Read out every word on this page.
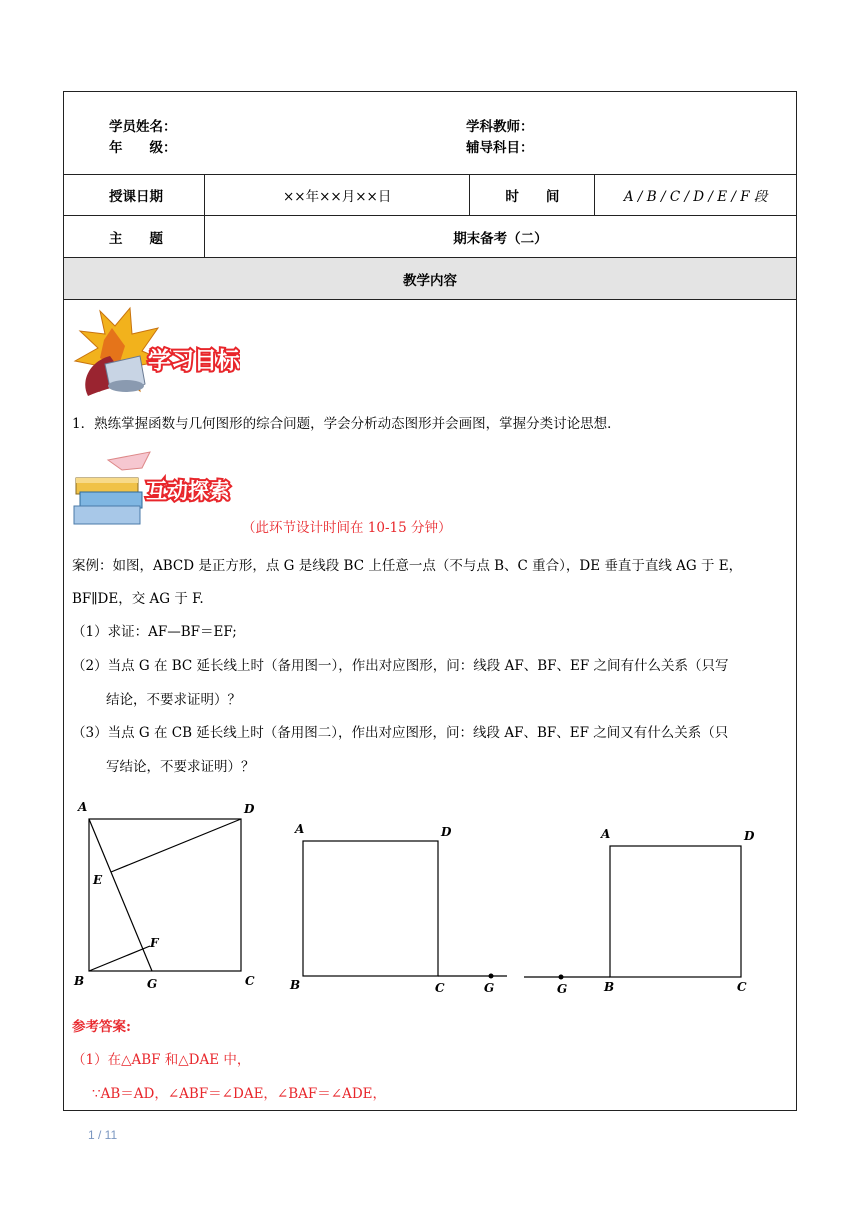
学员姓名：
年　　级：
学科教师：
辅导科目：			

授课日期	××年××月××日	时　　间	A / B / C / D / E / F 段
主　　题	期末备考（二）		
教学内容			
学习目标
1．熟练掌握函数与几何图形的综合问题，学会分析动态图形并会画图，掌握分类讨论思想．
互动探索
（此环节设计时间在 10-15 分钟）
案例：如图，ABCD 是正方形，点 G 是线段 BC 上任意一点（不与点 B、C 重合），DE 垂直于直线 AG 于 E，
BF∥DE，交 AG 于 F.
（1）求证：AF—BF＝EF;
（2）当点 G 在 BC 延长线上时（备用图一），作出对应图形，问：线段 AF、BF、EF 之间有什么关系（只写
结论，不要求证明）？
（3）当点 G 在 CB 延长线上时（备用图二），作出对应图形，问：线段 AF、BF、EF 之间又有什么关系（只
写结论，不要求证明）？
A	D
E
F
B	G	C
A	D
B	C	G
A	D
G	B	C
参考答案:
（1）在△ABF 和△DAE 中，
∵AB＝AD，∠ABF＝∠DAE，∠BAF＝∠ADE，
1 / 11
